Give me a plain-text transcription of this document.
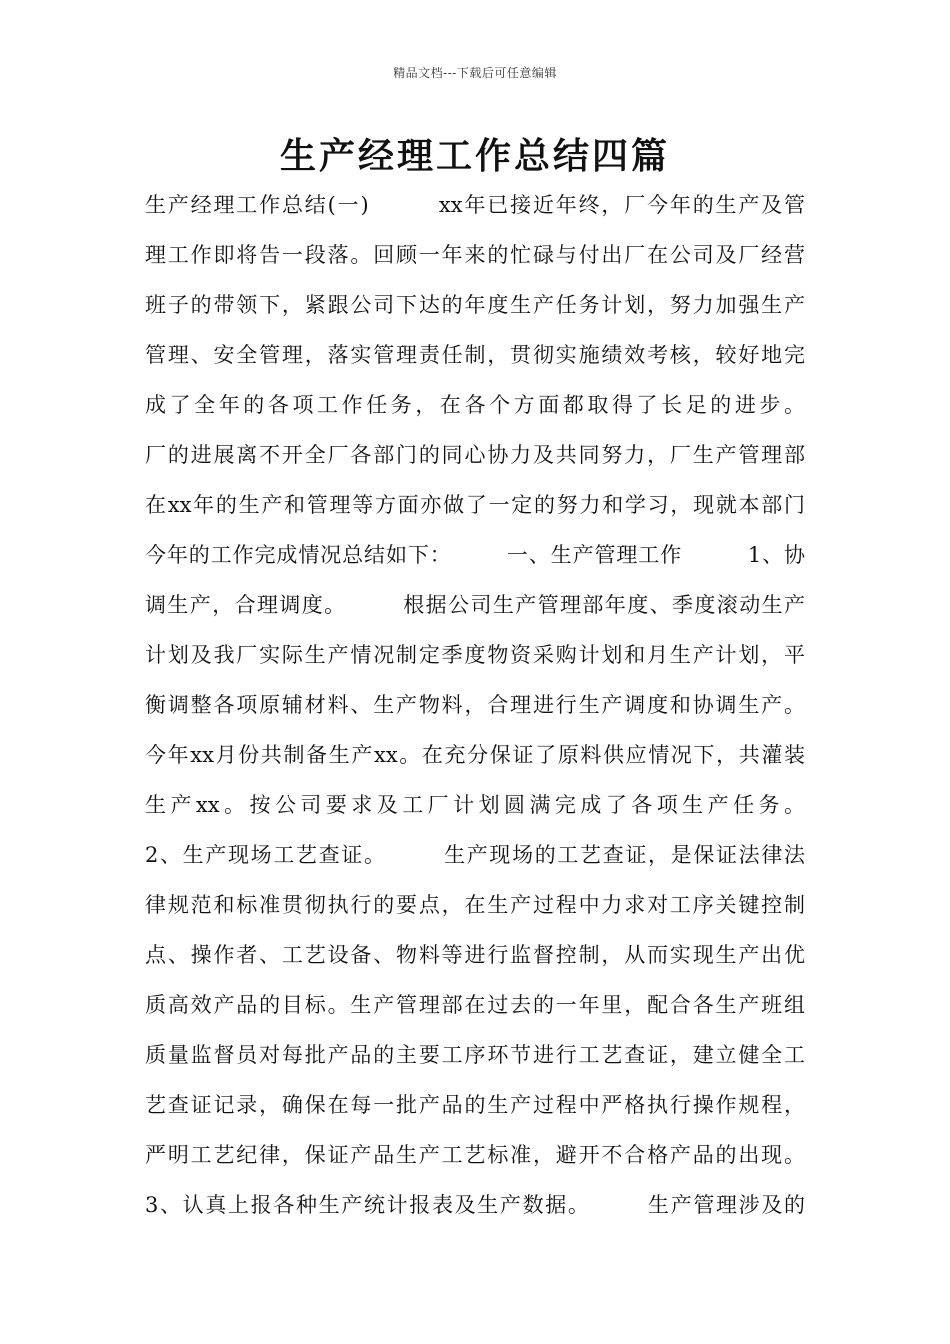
精品文档---下载后可任意编辑
生产经理工作总结四篇
生产经理工作总结(一)　　　xx年已接近年终，厂今年的生产及管
理工作即将告一段落。回顾一年来的忙碌与付出厂在公司及厂经营
班子的带领下，紧跟公司下达的年度生产任务计划，努力加强生产
管理、安全管理，落实管理责任制，贯彻实施绩效考核，较好地完
成了全年的各项工作任务，在各个方面都取得了长足的进步。
厂的进展离不开全厂各部门的同心协力及共同努力，厂生产管理部
在xx年的生产和管理等方面亦做了一定的努力和学习，现就本部门
今年的工作完成情况总结如下：　　　一、生产管理工作　　　1、协
调生产，合理调度。　　　根据公司生产管理部年度、季度滚动生产
计划及我厂实际生产情况制定季度物资采购计划和月生产计划，平
衡调整各项原辅材料、生产物料，合理进行生产调度和协调生产。
今年xx月份共制备生产xx。在充分保证了原料供应情况下，共灌装
生产xx。按公司要求及工厂计划圆满完成了各项生产任务。
2、生产现场工艺查证。　　　生产现场的工艺查证，是保证法律法
律规范和标准贯彻执行的要点，在生产过程中力求对工序关键控制
点、操作者、工艺设备、物料等进行监督控制，从而实现生产出优
质高效产品的目标。生产管理部在过去的一年里，配合各生产班组
质量监督员对每批产品的主要工序环节进行工艺查证，建立健全工
艺查证记录，确保在每一批产品的生产过程中严格执行操作规程，
严明工艺纪律，保证产品生产工艺标准，避开不合格产品的出现。
3、认真上报各种生产统计报表及生产数据。　　　生产管理涉及的
